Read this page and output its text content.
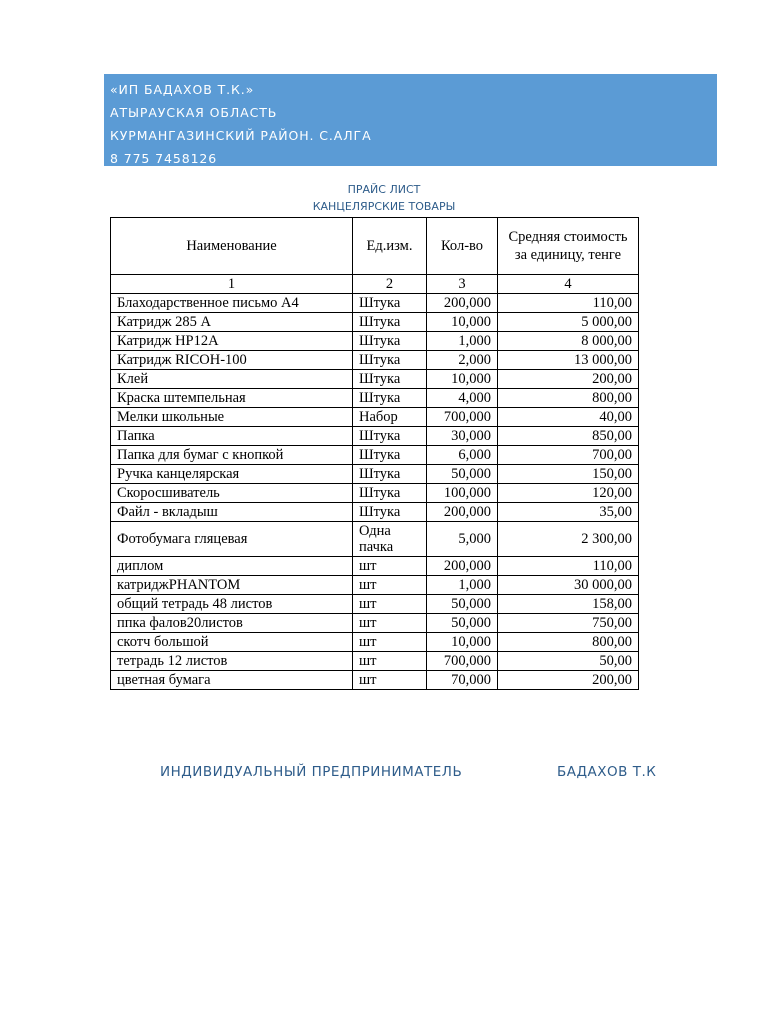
«ИП БАДАХОВ Т.К.»
АТЫРАУСКАЯ ОБЛАСТЬ
КУРМАНГАЗИНСКИЙ РАЙОН. С.АЛГА
8 775 7458126
ПРАЙС ЛИСТ
КАНЦЕЛЯРСКИЕ ТОВАРЫ
Наименование	Ед.изм.	Кол-во	Средняя стоимость за единицу, тенге
1	2	3	4
Блаходарственное письмо А4	Штука	200,000	110,00
Катридж 285 А	Штука	10,000	5 000,00
Катридж HP12A	Штука	1,000	8 000,00
Катридж RICOH-100	Штука	2,000	13 000,00
Клей	Штука	10,000	200,00
Краска штемпельная	Штука	4,000	800,00
Мелки школьные	Набор	700,000	40,00
Папка	Штука	30,000	850,00
Папка для бумаг с кнопкой	Штука	6,000	700,00
Ручка канцелярская	Штука	50,000	150,00
Скоросшиватель	Штука	100,000	120,00
Файл - вкладыш	Штука	200,000	35,00
Фотобумага гляцевая	Одна пачка	5,000	2 300,00
диплом	шт	200,000	110,00
катриджPHANTOM	шт	1,000	30 000,00
общий тетрадь 48 листов	шт	50,000	158,00
ппка фалов20листов	шт	50,000	750,00
скотч большой	шт	10,000	800,00
тетрадь 12 листов	шт	700,000	50,00
цветная бумага	шт	70,000	200,00
ИНДИВИДУАЛЬНЫЙ ПРЕДПРИНИМАТЕЛЬ	БАДАХОВ Т.К
